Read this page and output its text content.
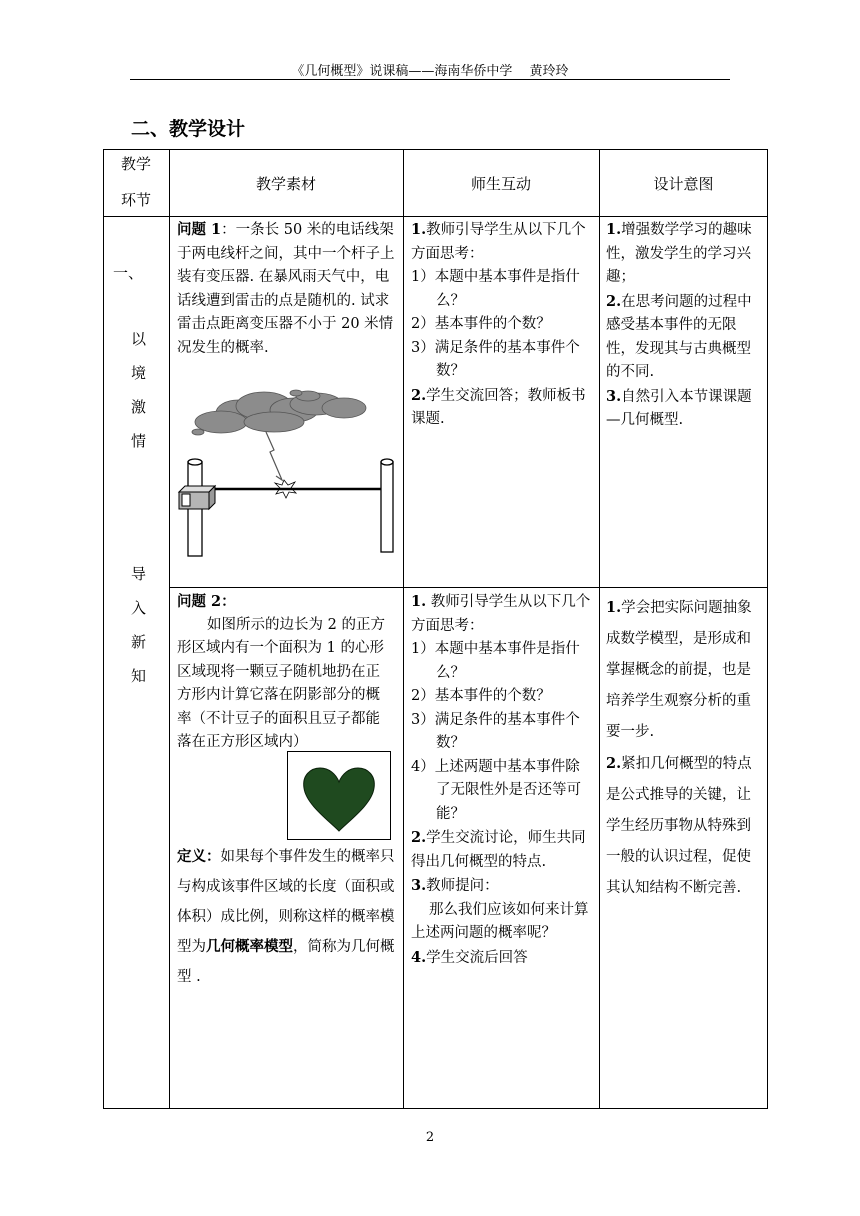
《几何概型》说课稿——海南华侨中学　 黄玲玲
二、教学设计
教学
环节
教学素材	师生互动	设计意图
一、
以
境
激
情
导
入
新
知
问题 1：一条长 50 米的电话线架于两电线杆之间，其中一个杆子上装有变压器. 在暴风雨天气中，电话线遭到雷击的点是随机的. 试求雷击点距离变压器不小于 20 米情况发生的概率.
1.教师引导学生从以下几个方面思考：
1）本题中基本事件是指什么？
2）基本事件的个数？
3）满足条件的基本事件个数？
2.学生交流回答；教师板书课题.
1.增强数学学习的趣味性，激发学生的学习兴趣；
2.在思考问题的过程中感受基本事件的无限性，发现其与古典概型的不同.
3.自然引入本节课课题—几何概型.
问题 2：
如图所示的边长为 2 的正方形区域内有一个面积为 1 的心形区域现将一颗豆子随机地扔在正方形内计算它落在阴影部分的概率（不计豆子的面积且豆子都能落在正方形区域内）
定义：如果每个事件发生的概率只与构成该事件区域的长度（面积或体积）成比例，则称这样的概率模型为几何概率模型，简称为几何概型 .
1. 教师引导学生从以下几个方面思考：
1）本题中基本事件是指什么？
2）基本事件的个数？
3）满足条件的基本事件个数？
4）上述两题中基本事件除了无限性外是否还等可能？
2.学生交流讨论，师生共同得出几何概型的特点.
3.教师提问：
那么我们应该如何来计算上述两问题的概率呢？
4.学生交流后回答
1.学会把实际问题抽象成数学模型，是形成和掌握概念的前提，也是培养学生观察分析的重要一步.
2.紧扣几何概型的特点是公式推导的关键，让学生经历事物从特殊到一般的认识过程，促使其认知结构不断完善.
2
